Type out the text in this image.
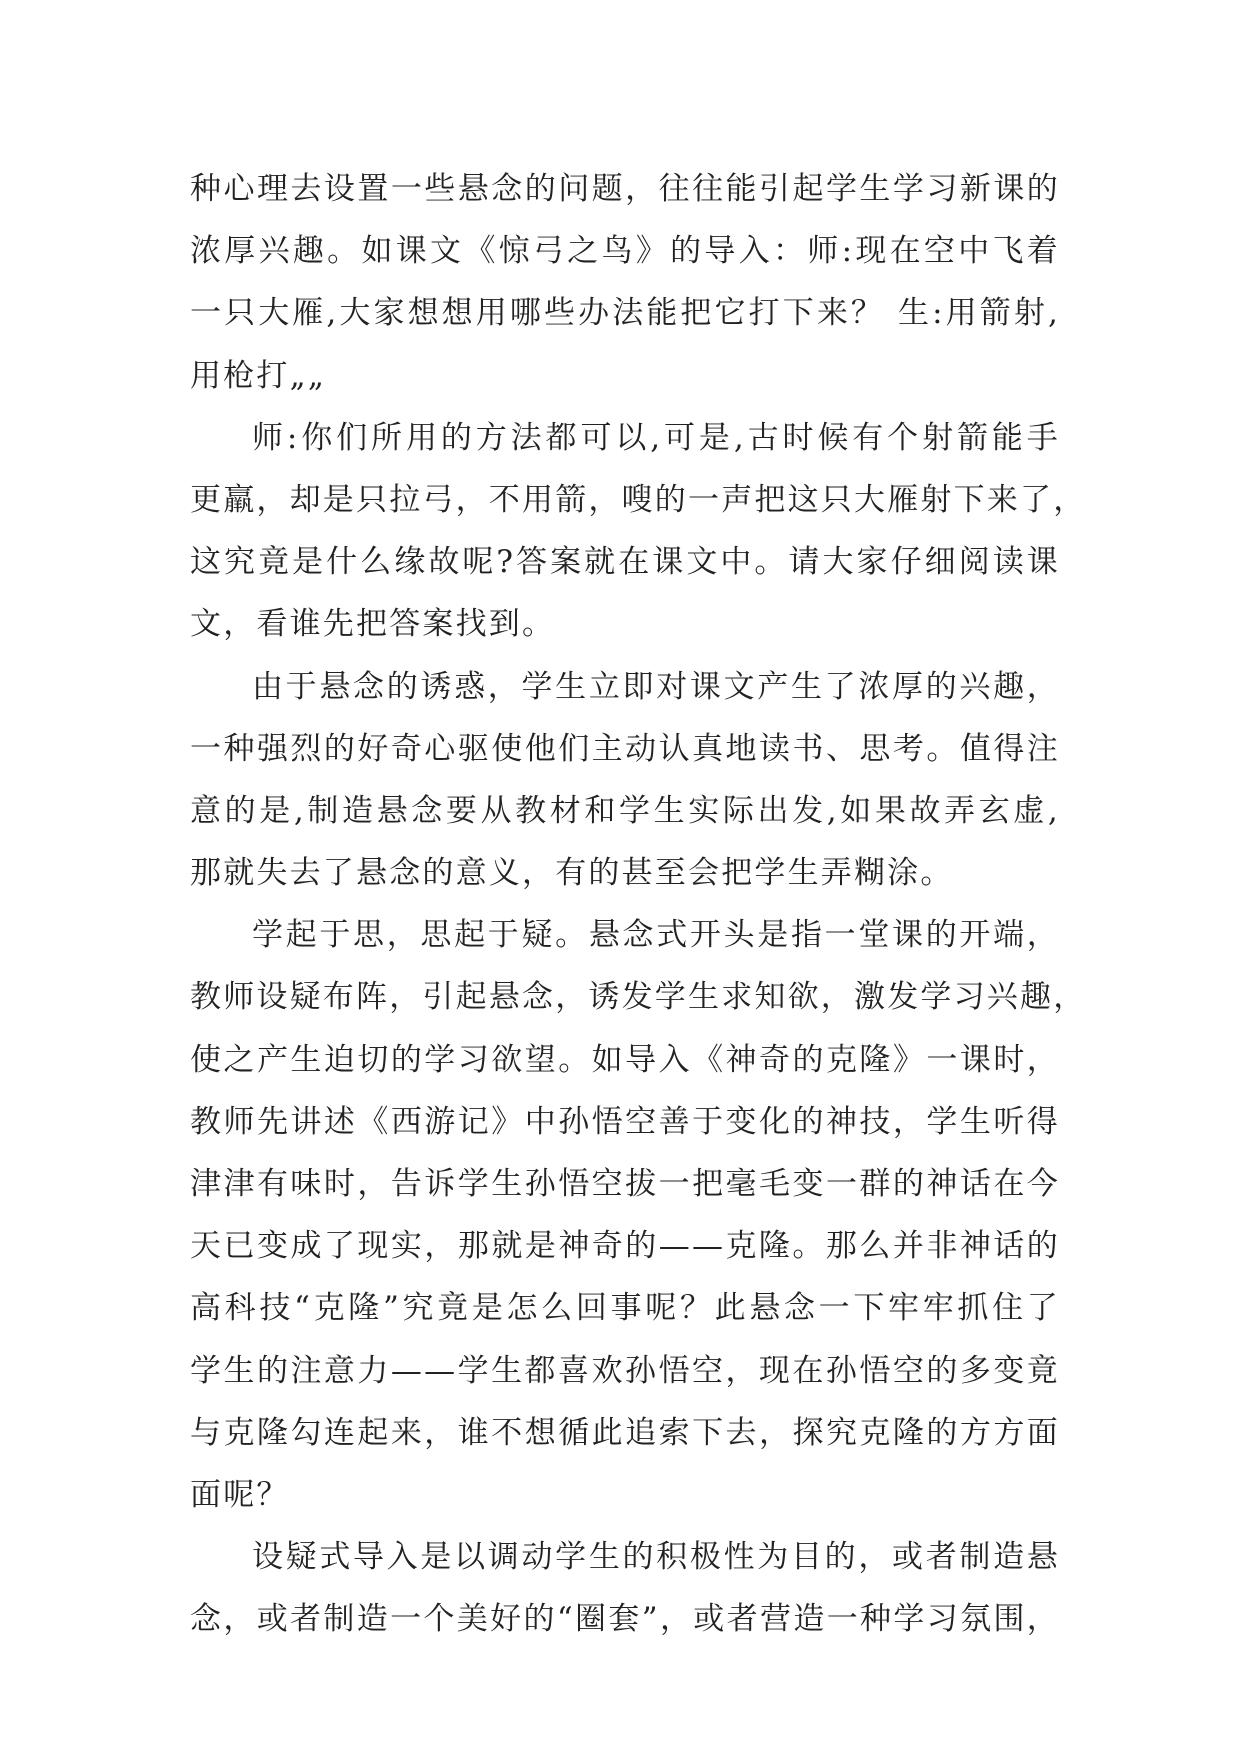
种心理去设置一些悬念的问题，往往能引起学生学习新课的
浓厚兴趣。如课文《惊弓之鸟》的导入：师:现在空中飞着
一只大雁,大家想想用哪些办法能把它打下来？ 生:用箭射,
用枪打„„
师:你们所用的方法都可以,可是,古时候有个射箭能手
更羸，却是只拉弓，不用箭，嗖的一声把这只大雁射下来了，
这究竟是什么缘故呢?答案就在课文中。请大家仔细阅读课
文，看谁先把答案找到。
由于悬念的诱惑，学生立即对课文产生了浓厚的兴趣，
一种强烈的好奇心驱使他们主动认真地读书、思考。值得注
意的是,制造悬念要从教材和学生实际出发,如果故弄玄虚,
那就失去了悬念的意义，有的甚至会把学生弄糊涂。
学起于思，思起于疑。悬念式开头是指一堂课的开端，
教师设疑布阵，引起悬念，诱发学生求知欲，激发学习兴趣，
使之产生迫切的学习欲望。如导入《神奇的克隆》一课时，
教师先讲述《西游记》中孙悟空善于变化的神技，学生听得
津津有味时，告诉学生孙悟空拔一把毫毛变一群的神话在今
天已变成了现实，那就是神奇的——克隆。那么并非神话的
高科技“克隆”究竟是怎么回事呢？此悬念一下牢牢抓住了
学生的注意力——学生都喜欢孙悟空，现在孙悟空的多变竟
与克隆勾连起来，谁不想循此追索下去，探究克隆的方方面
面呢？
设疑式导入是以调动学生的积极性为目的，或者制造悬
念，或者制造一个美好的“圈套”，或者营造一种学习氛围，
